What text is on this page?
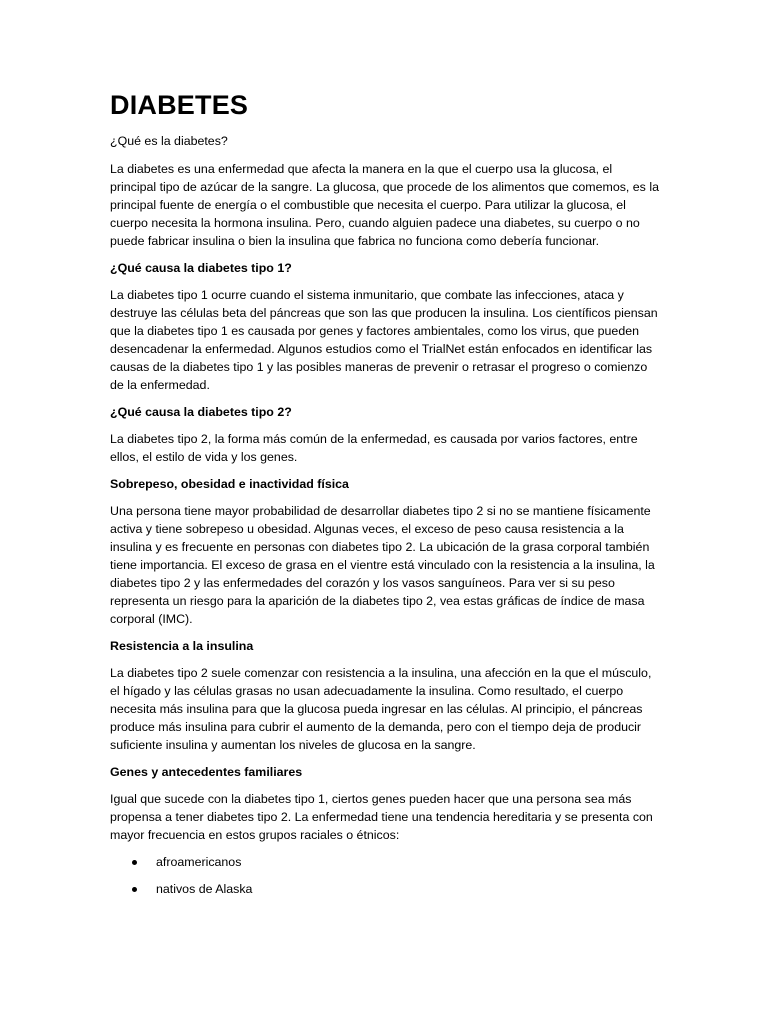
DIABETES

¿Qué es la diabetes?

La diabetes es una enfermedad que afecta la manera en la que el cuerpo usa la glucosa, el principal tipo de azúcar de la sangre. La glucosa, que procede de los alimentos que comemos, es la principal fuente de energía o el combustible que necesita el cuerpo. Para utilizar la glucosa, el cuerpo necesita la hormona insulina. Pero, cuando alguien padece una diabetes, su cuerpo o no puede fabricar insulina o bien la insulina que fabrica no funciona como debería funcionar.

¿Qué causa la diabetes tipo 1?

La diabetes tipo 1 ocurre cuando el sistema inmunitario, que combate las infecciones, ataca y destruye las células beta del páncreas que son las que producen la insulina. Los científicos piensan que la diabetes tipo 1 es causada por genes y factores ambientales, como los virus, que pueden desencadenar la enfermedad. Algunos estudios como el TrialNet están enfocados en identificar las causas de la diabetes tipo 1 y las posibles maneras de prevenir o retrasar el progreso o comienzo de la enfermedad.

¿Qué causa la diabetes tipo 2?

La diabetes tipo 2, la forma más común de la enfermedad, es causada por varios factores, entre ellos, el estilo de vida y los genes.

Sobrepeso, obesidad e inactividad física

Una persona tiene mayor probabilidad de desarrollar diabetes tipo 2 si no se mantiene físicamente activa y tiene sobrepeso u obesidad. Algunas veces, el exceso de peso causa resistencia a la insulina y es frecuente en personas con diabetes tipo 2. La ubicación de la grasa corporal también tiene importancia. El exceso de grasa en el vientre está vinculado con la resistencia a la insulina, la diabetes tipo 2 y las enfermedades del corazón y los vasos sanguíneos. Para ver si su peso representa un riesgo para la aparición de la diabetes tipo 2, vea estas gráficas de índice de masa corporal (IMC).

Resistencia a la insulina

La diabetes tipo 2 suele comenzar con resistencia a la insulina, una afección en la que el músculo, el hígado y las células grasas no usan adecuadamente la insulina. Como resultado, el cuerpo necesita más insulina para que la glucosa pueda ingresar en las células. Al principio, el páncreas produce más insulina para cubrir el aumento de la demanda, pero con el tiempo deja de producir suficiente insulina y aumentan los niveles de glucosa en la sangre.

Genes y antecedentes familiares

Igual que sucede con la diabetes tipo 1, ciertos genes pueden hacer que una persona sea más propensa a tener diabetes tipo 2. La enfermedad tiene una tendencia hereditaria y se presenta con mayor frecuencia en estos grupos raciales o étnicos:

afroamericanos
nativos de Alaska
